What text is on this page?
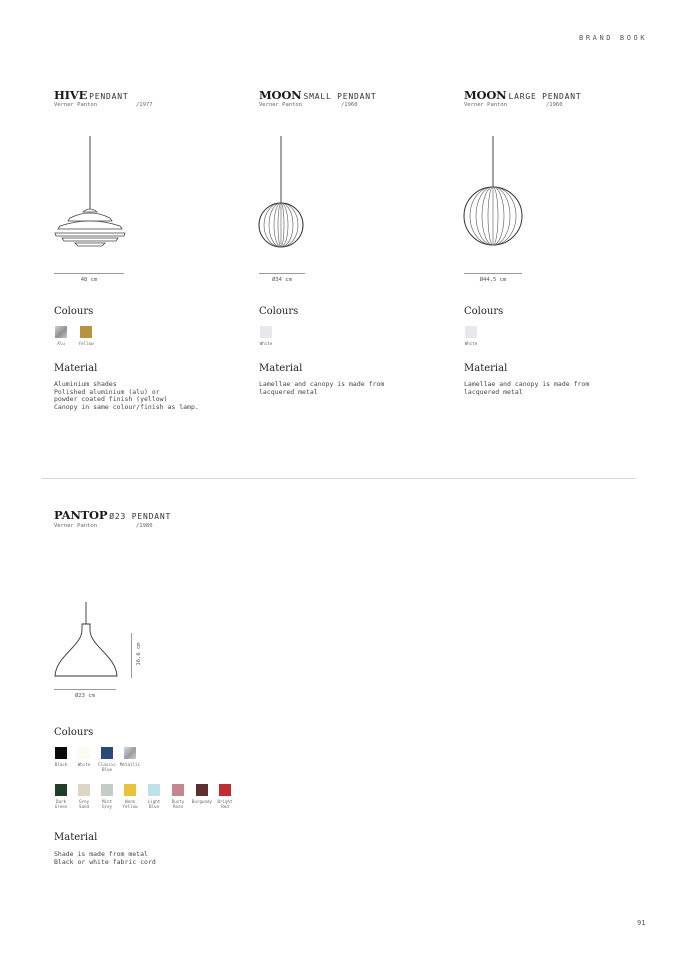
BRAND BOOK
HIVE PENDANT
Verner Panton	/1977
48 cm
Colours
Alu	Yellow
Material
Aluminium shades
Polished aluminium (alu) or
powder coated finish (yellow)
Canopy in same colour/finish as lamp.
MOON SMALL PENDANT
Verner Panton	/1960
Ø34 cm
Colours
White
Material
Lamellae and canopy is made from
lacquered metal
MOON LARGE PENDANT
Verner Panton	/1960
Ø44,5 cm
Colours
White
Material
Lamellae and canopy is made from
lacquered metal
PANTOP Ø23 PENDANT
Verner Panton	/1980
16,6 cm
Ø23 cm
Colours
Black	White	Classic
Blue
Metallic
Dark
Green
Grey
Sand
Mint
Grey
Warm
Yellow
Light
Blue
Dusty
Rose
Burgundy	Bright
Red
Material
Shade is made from metal
Black or white fabric cord
91
